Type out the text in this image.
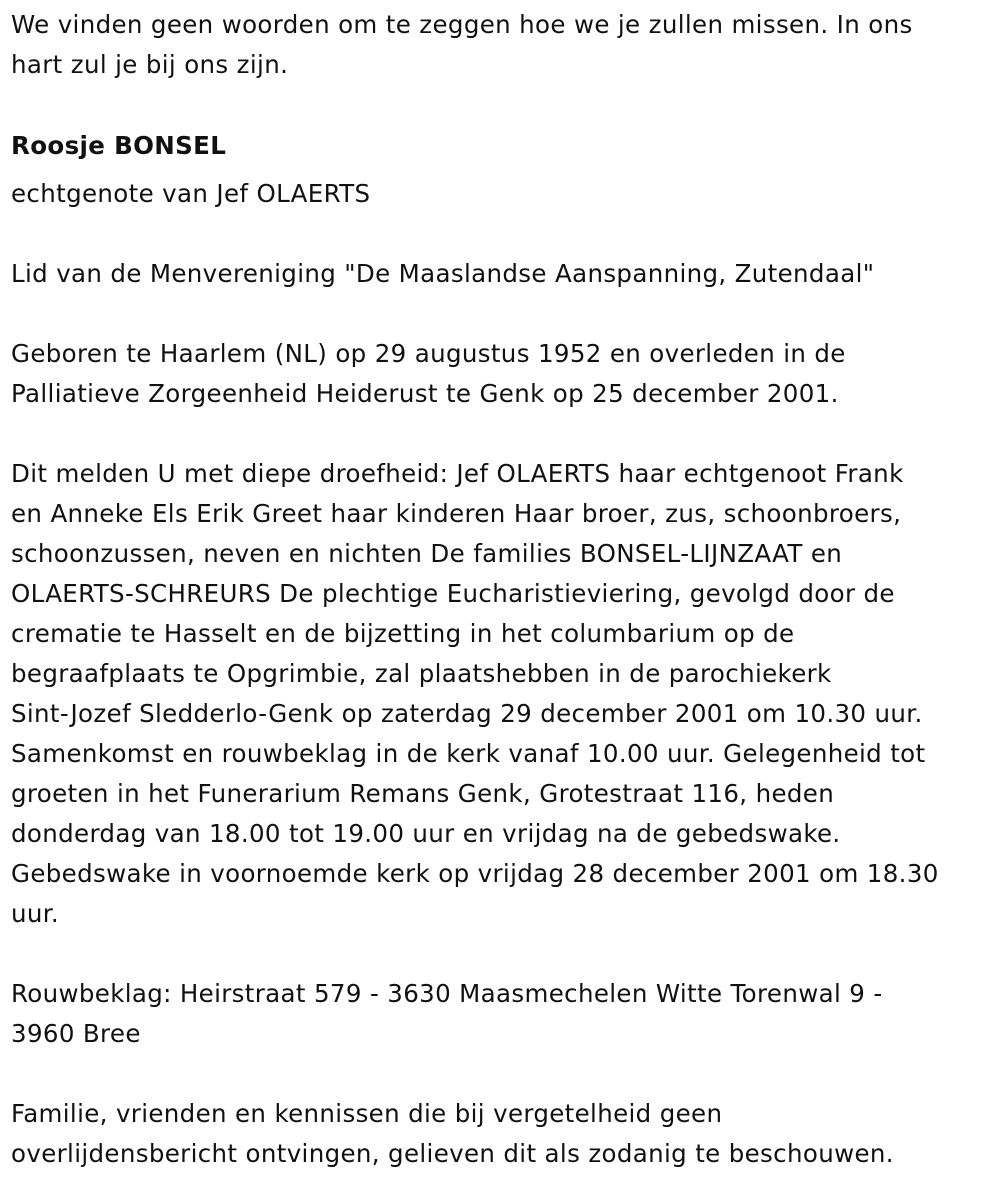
We vinden geen woorden om te zeggen hoe we je zullen missen. In ons
hart zul je bij ons zijn.

Roosje BONSEL

echtgenote van Jef OLAERTS

Lid van de Menvereniging "De Maaslandse Aanspanning, Zutendaal"

Geboren te Haarlem (NL) op 29 augustus 1952 en overleden in de
Palliatieve Zorgeenheid Heiderust te Genk op 25 december 2001.

Dit melden U met diepe droefheid: Jef OLAERTS haar echtgenoot Frank
en Anneke Els Erik Greet haar kinderen Haar broer, zus, schoonbroers,
schoonzussen, neven en nichten De families BONSEL-LIJNZAAT en
OLAERTS-SCHREURS De plechtige Eucharistieviering, gevolgd door de
crematie te Hasselt en de bijzetting in het columbarium op de
begraafplaats te Opgrimbie, zal plaatshebben in de parochiekerk
Sint-Jozef Sledderlo-Genk op zaterdag 29 december 2001 om 10.30 uur.
Samenkomst en rouwbeklag in de kerk vanaf 10.00 uur. Gelegenheid tot
groeten in het Funerarium Remans Genk, Grotestraat 116, heden
donderdag van 18.00 tot 19.00 uur en vrijdag na de gebedswake.
Gebedswake in voornoemde kerk op vrijdag 28 december 2001 om 18.30
uur.

Rouwbeklag: Heirstraat 579 - 3630 Maasmechelen Witte Torenwal 9 -
3960 Bree

Familie, vrienden en kennissen die bij vergetelheid geen
overlijdensbericht ontvingen, gelieven dit als zodanig te beschouwen.
